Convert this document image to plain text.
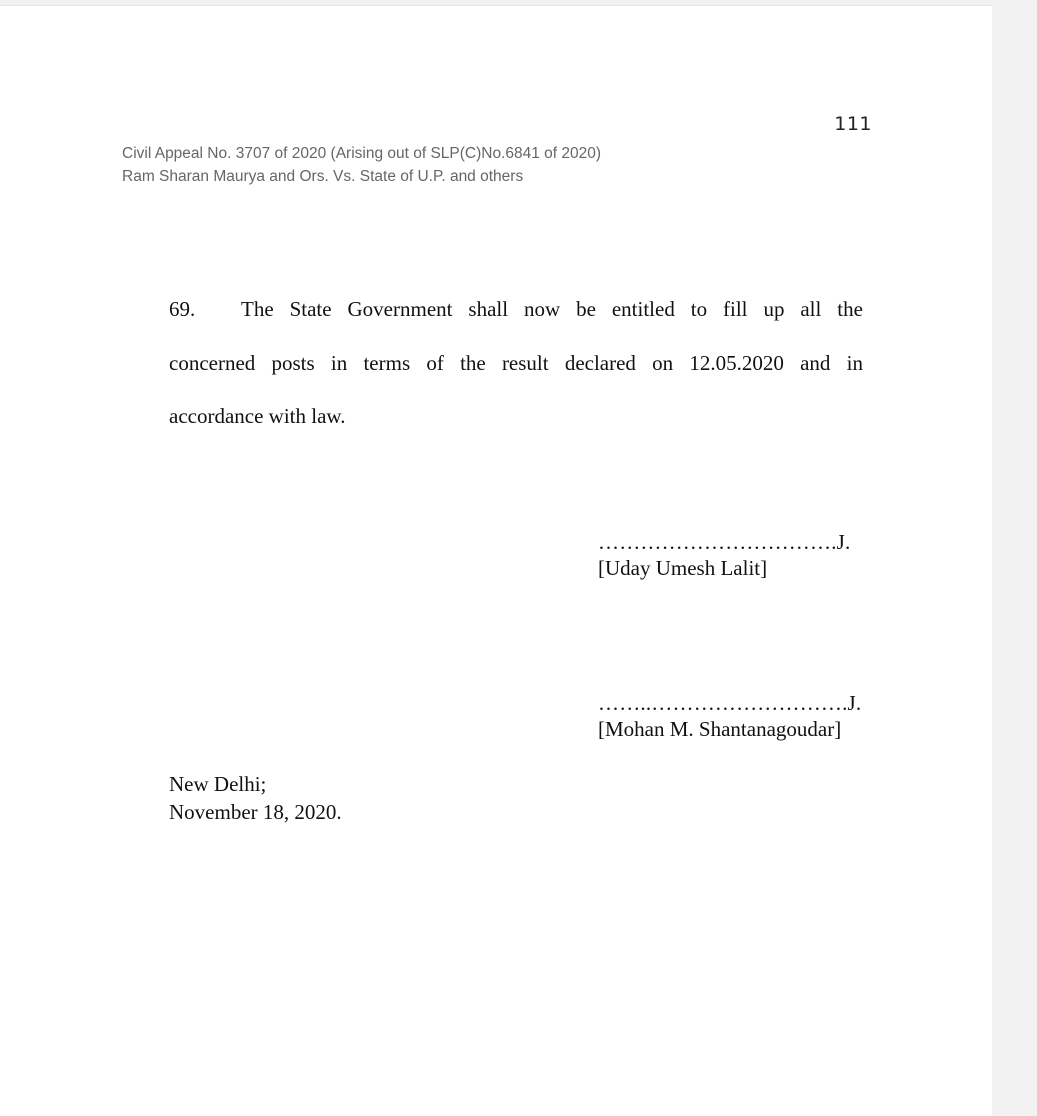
111
Civil Appeal No. 3707 of 2020 (Arising out of SLP(C)No.6841 of 2020)
Ram Sharan Maurya and Ors. Vs. State of U.P. and others
69. The State Government shall now be entitled to fill up all the
concerned posts in terms of the result declared on 12.05.2020 and in
accordance with law.
…………………………….J.
[Uday Umesh Lalit]
……..……………………….J.
[Mohan M. Shantanagoudar]
New Delhi;
November 18, 2020.
